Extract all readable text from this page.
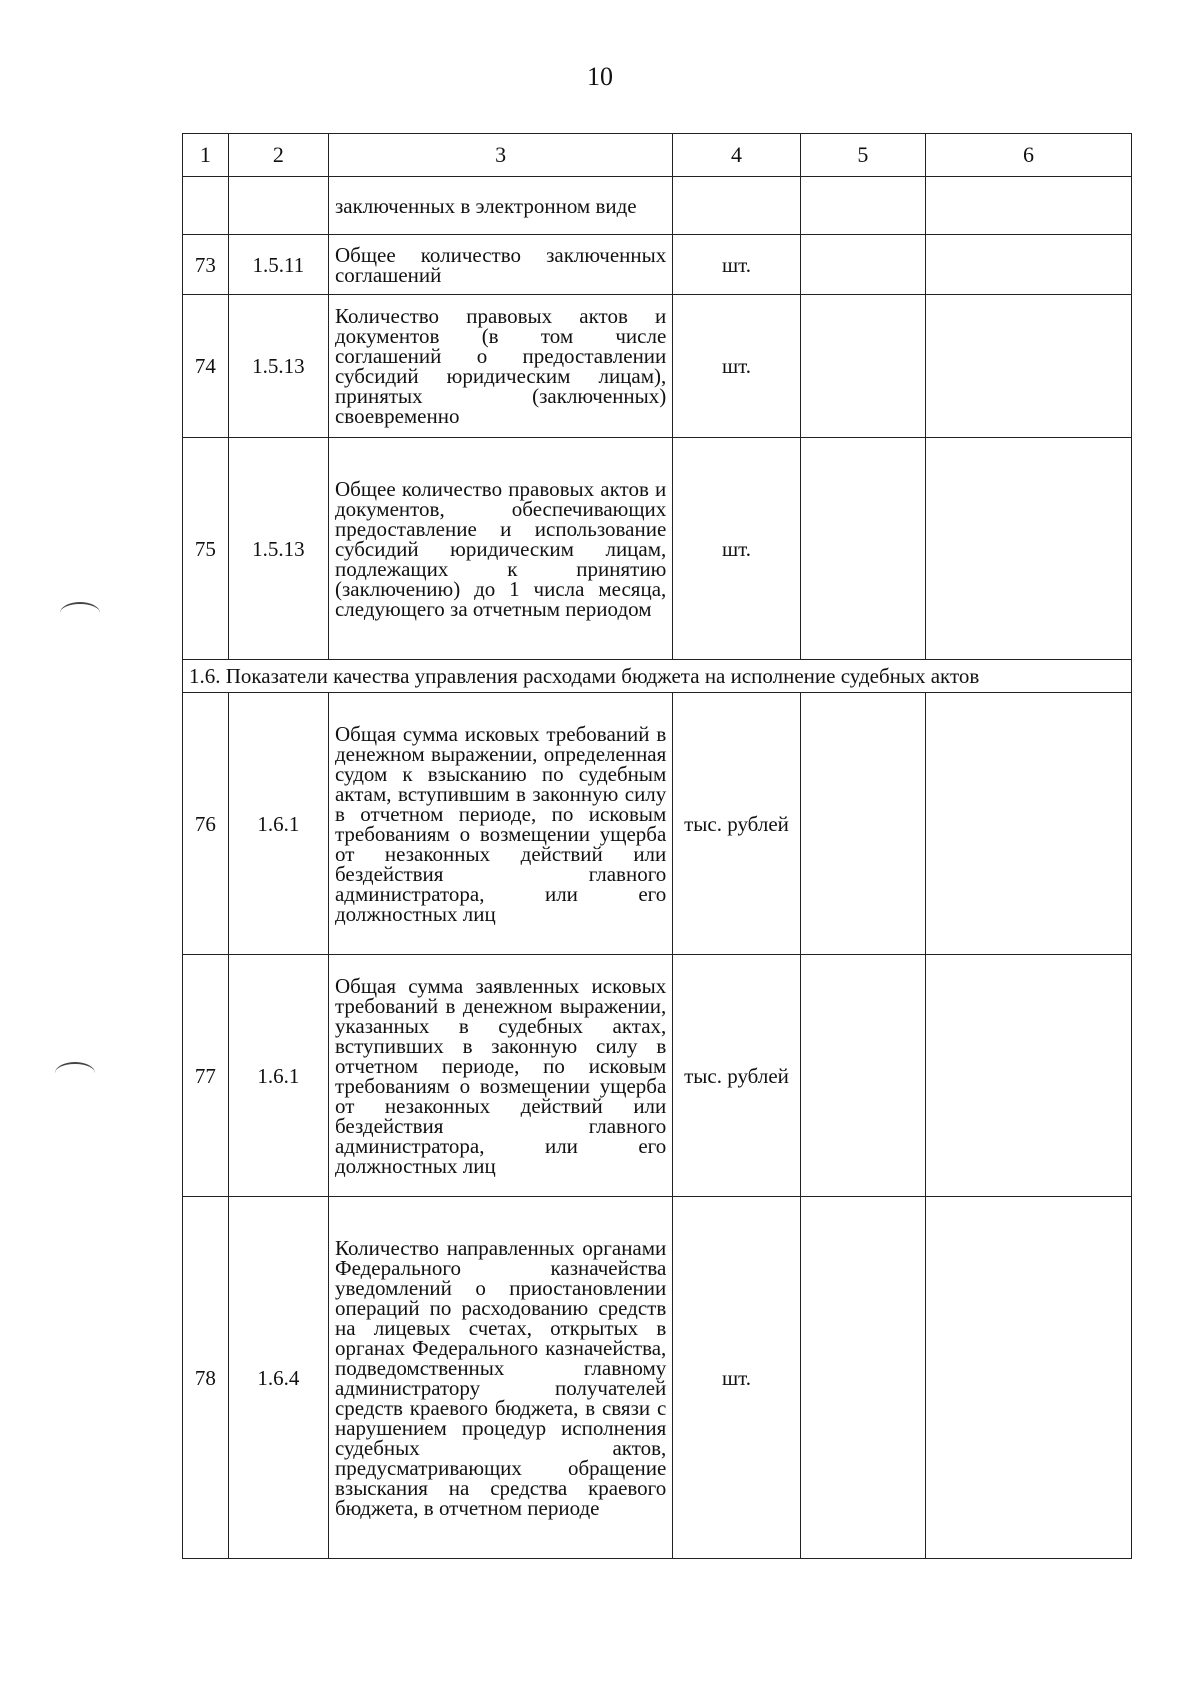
10
1	2	3	4	5	6

		заключенных в электронном виде			

73	1.5.11	Общее количество заключенных соглашений	шт.		
74	1.5.13	Количество правовых актов и документов (в том числе соглашений о предоставлении субсидий юридическим лицам), принятых (заключенных) своевременно	шт.		
75	1.5.13	Общее количество правовых актов и документов, обеспечивающих предоставление и использование субсидий юридическим лицам, подлежащих к принятию (заключению) до 1 числа месяца, следующего за отчетным периодом	шт.		
1.6. Показатели качества управления расходами бюджета на исполнение судебных актов					
76	1.6.1	Общая сумма исковых требований в денежном выражении, определенная судом к взысканию по судебным актам, вступившим в законную силу в отчетном периоде, по исковым требованиям о возмещении ущерба от незаконных действий или бездействия главного администратора, или его должностных лиц	тыс. рублей		
77	1.6.1	Общая сумма заявленных исковых требований в денежном выражении, указанных в судебных актах, вступивших в законную силу в отчетном периоде, по исковым требованиям о возмещении ущерба от незаконных действий или бездействия главного администратора, или его должностных лиц	тыс. рублей		
78	1.6.4	Количество направленных органами Федерального казначейства уведомлений о приостановлении операций по расходованию средств на лицевых счетах, открытых в органах Федерального казначейства, подведомственных главному администратору получателей средств краевого бюджета, в связи с нарушением процедур исполнения судебных актов, предусматривающих обращение взыскания на средства краевого бюджета, в отчетном периоде	шт.		
